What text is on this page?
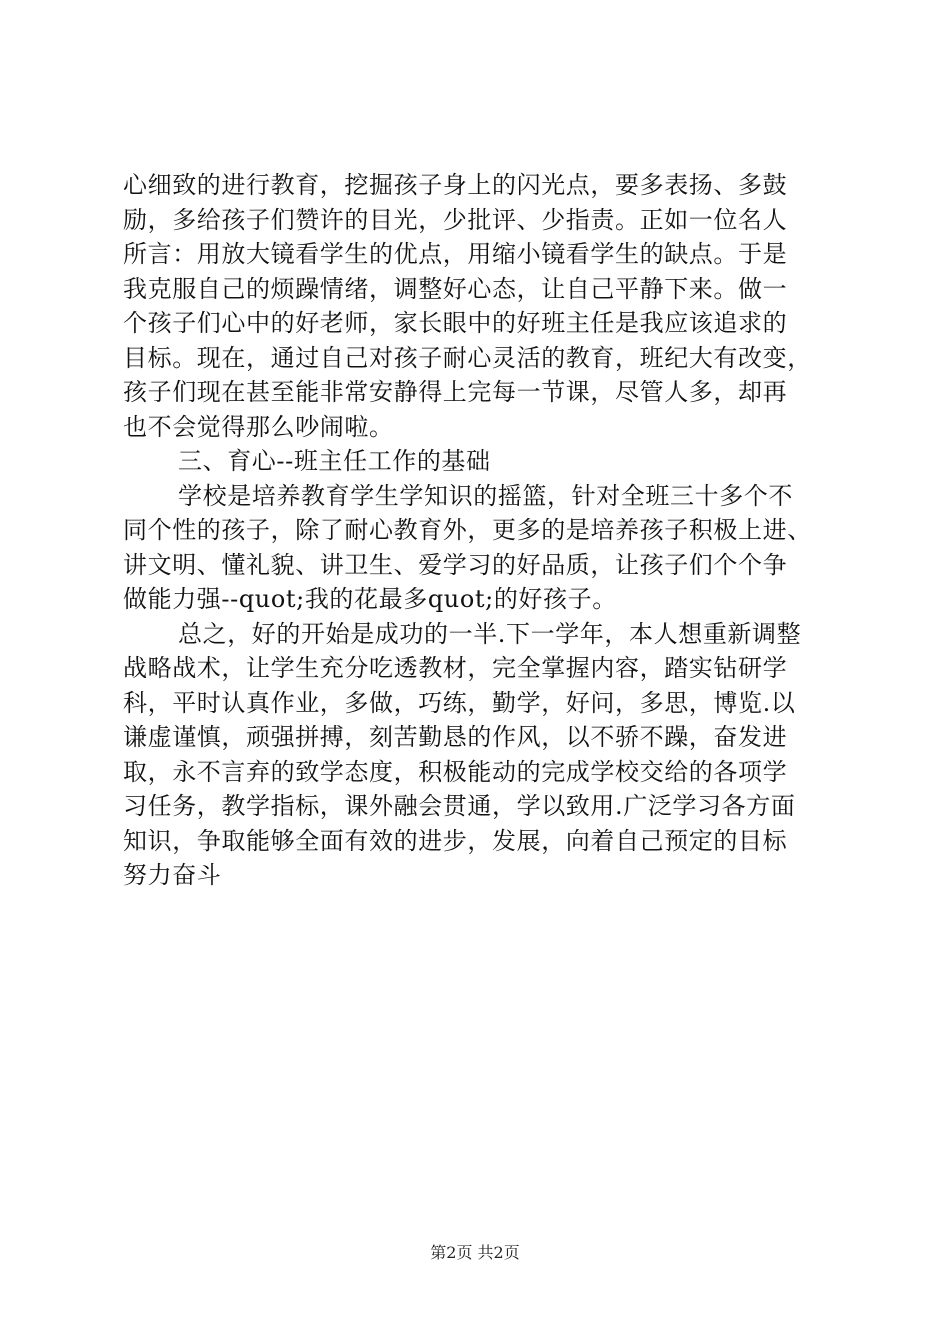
心细致的进行教育，挖掘孩子身上的闪光点，要多表扬、多鼓
励，多给孩子们赞许的目光，少批评、少指责。正如一位名人
所言：用放大镜看学生的优点，用缩小镜看学生的缺点。于是
我克服自己的烦躁情绪，调整好心态，让自己平静下来。做一
个孩子们心中的好老师，家长眼中的好班主任是我应该追求的
目标。现在，通过自己对孩子耐心灵活的教育，班纪大有改变，
孩子们现在甚至能非常安静得上完每一节课，尽管人多，却再
也不会觉得那么吵闹啦。
三、育心--班主任工作的基础
学校是培养教育学生学知识的摇篮，针对全班三十多个不
同个性的孩子，除了耐心教育外，更多的是培养孩子积极上进、
讲文明、懂礼貌、讲卫生、爱学习的好品质，让孩子们个个争
做能力强--quot;我的花最多quot;的好孩子。
总之，好的开始是成功的一半.下一学年，本人想重新调整
战略战术，让学生充分吃透教材，完全掌握内容，踏实钻研学
科，平时认真作业，多做，巧练，勤学，好问，多思，博览.以
谦虚谨慎，顽强拼搏，刻苦勤恳的作风，以不骄不躁，奋发进
取，永不言弃的致学态度，积极能动的完成学校交给的各项学
习任务，教学指标，课外融会贯通，学以致用.广泛学习各方面
知识，争取能够全面有效的进步，发展，向着自己预定的目标
努力奋斗
第2页 共2页
